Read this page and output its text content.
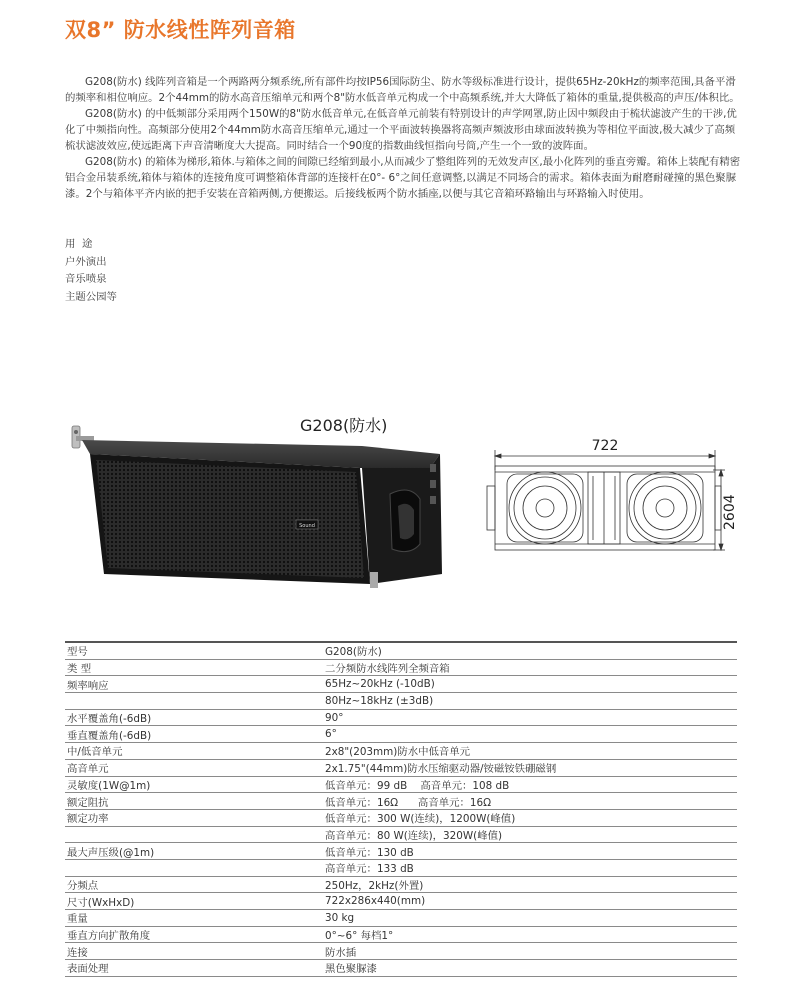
双8” 防水线性阵列音箱

G208(防水) 线阵列音箱是一个两路两分频系统,所有部件均按IP56国际防尘、防水等级标准进行设计，提供65Hz-20kHz的频率范围,具备平滑的频率和相位响应。2个44mm的防水高音压缩单元和两个8"防水低音单元构成一个中高频系统,并大大降低了箱体的重量,提供极高的声压/体积比。

G208(防水) 的中低频部分采用两个150W的8"防水低音单元,在低音单元前装有特别设计的声学网罩,防止因中频段由于梳状滤波产生的干涉,优化了中频指向性。高频部分使用2个44mm防水高音压缩单元,通过一个平面波转换器将高频声频波形由球面波转换为等相位平面波,极大减少了高频梳状滤波效应,使远距离下声音清晰度大大提高。同时结合一个90度的指数曲线恒指向号筒,产生一个一致的波阵面。

G208(防水) 的箱体为梯形,箱体.与箱体之间的间隙已经缩到最小,从而减少了整组阵列的无效发声区,最小化阵列的垂直旁瓣。箱体上装配有精密铝合金吊装系统,箱体与箱体的连接角度可调整箱体背部的连接杆在0°- 6°之间任意调整,以满足不同场合的需求。箱体表面为耐磨耐碰撞的黑色聚脲漆。2个与箱体平齐内嵌的把手安装在音箱两侧,方便搬运。后接线板两个防水插座,以便与其它音箱环路输出与环路输入时使用。

用  途
户外演出
音乐喷泉
主题公园等
G208(防水)
Sound
722
2604
型号	G208(防水)
类 型	二分频防水线阵列全频音箱
频率响应	65Hz~20kHz (-10dB)
	80Hz~18kHz (±3dB)
水平覆盖角(-6dB)	90°
垂直覆盖角(-6dB)	6°
中/低音单元	2x8"(203mm)防水中低音单元
高音单元	2x1.75"(44mm)防水压缩驱动器/铵磁铵铁硼磁钢
灵敏度(1W@1m)	低音单元：99 dB    高音单元：108 dB
额定阻抗	低音单元：16Ω      高音单元：16Ω
额定功率	低音单元：300 W(连续)，1200W(峰值)
	高音单元：80 W(连续)，320W(峰值)
最大声压级(@1m)	低音单元：130 dB
	高音单元：133 dB
分频点	250Hz，2kHz(外置)
尺寸(WxHxD)	722x286x440(mm)
重量	30 kg
垂直方向扩散角度	0°~6° 每档1°
连接	防水插
表面处理	黑色聚脲漆
